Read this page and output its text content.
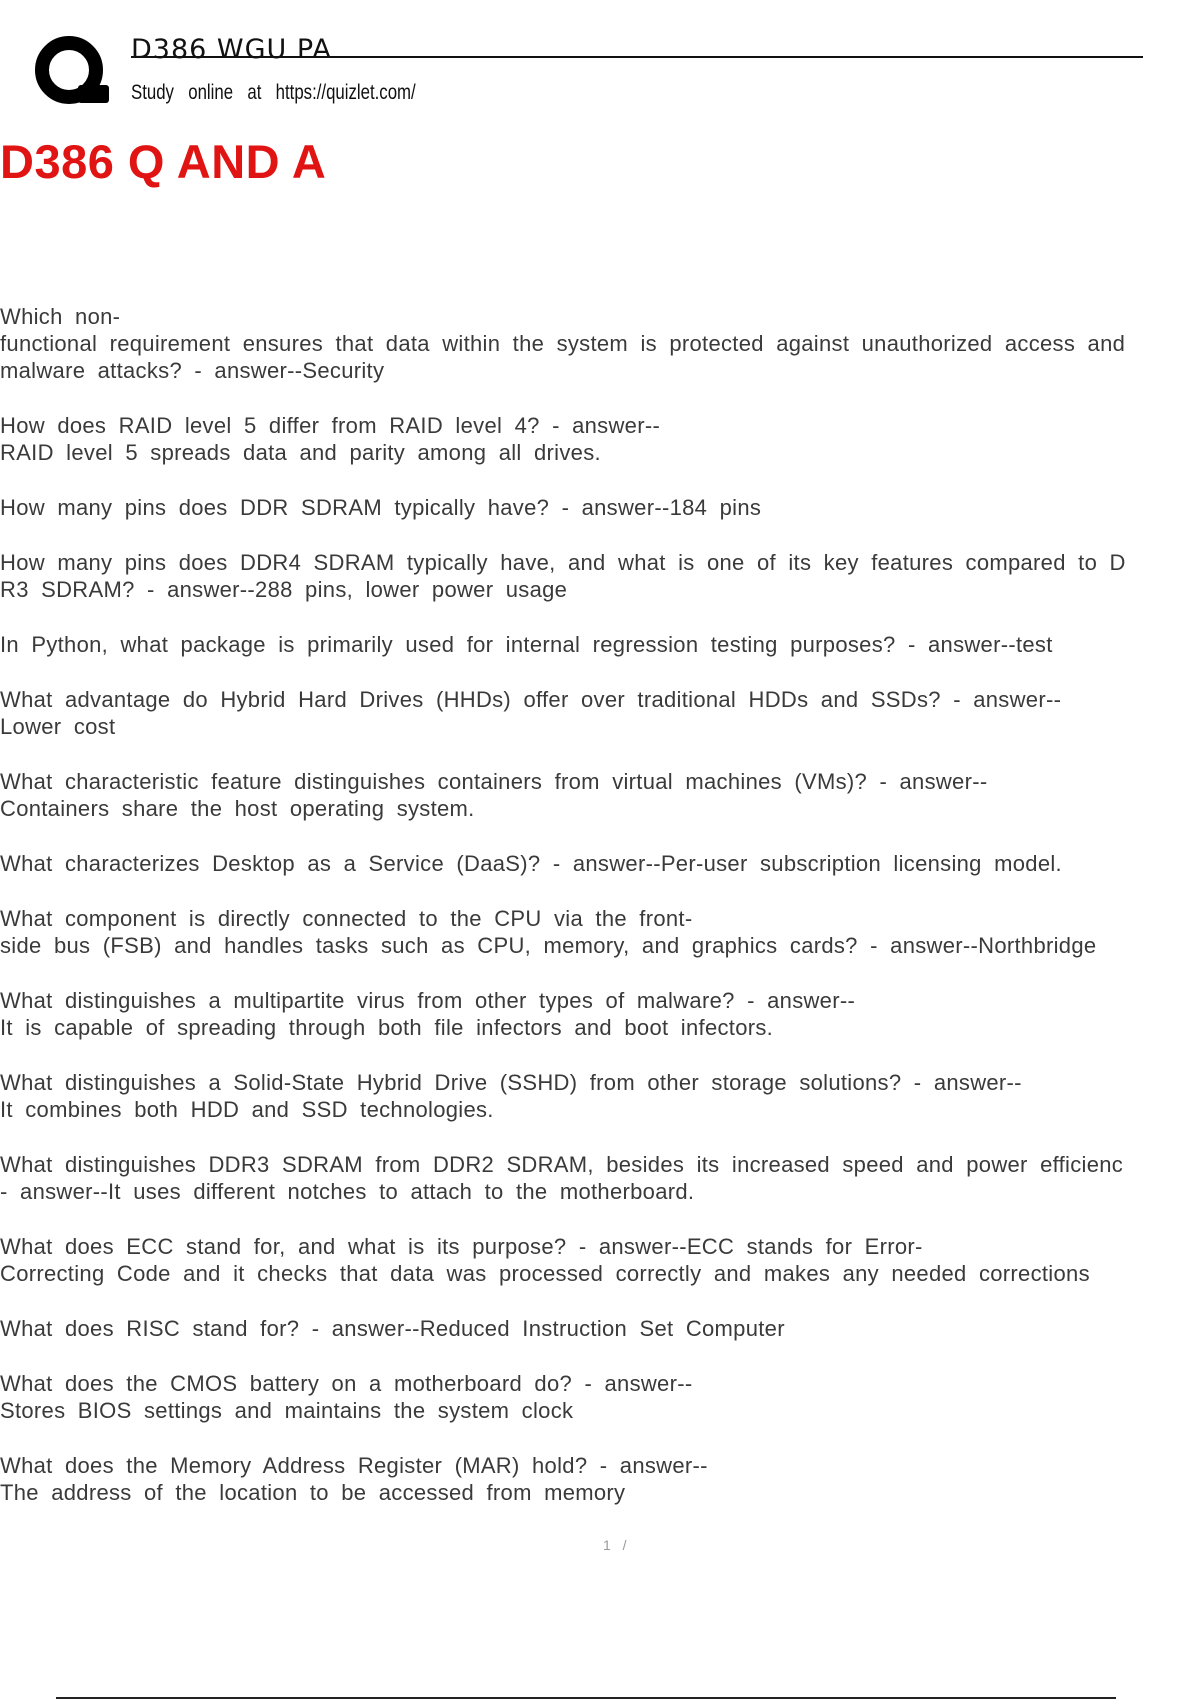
D386 WGU PA
Study online at https://quizlet.com/
D386 Q AND A
Which non-
functional requirement ensures that data within the system is protected against unauthorized access and
malware attacks? - answer--Security
How does RAID level 5 differ from RAID level 4? - answer--
RAID level 5 spreads data and parity among all drives.
How many pins does DDR SDRAM typically have? - answer--184 pins
How many pins does DDR4 SDRAM typically have, and what is one of its key features compared to D
R3 SDRAM? - answer--288 pins, lower power usage
In Python, what package is primarily used for internal regression testing purposes? - answer--test
What advantage do Hybrid Hard Drives (HHDs) offer over traditional HDDs and SSDs? - answer--
Lower cost
What characteristic feature distinguishes containers from virtual machines (VMs)? - answer--
Containers share the host operating system.
What characterizes Desktop as a Service (DaaS)? - answer--Per-user subscription licensing model.
What component is directly connected to the CPU via the front-
side bus (FSB) and handles tasks such as CPU, memory, and graphics cards? - answer--Northbridge
What distinguishes a multipartite virus from other types of malware? - answer--
It is capable of spreading through both file infectors and boot infectors.
What distinguishes a Solid-State Hybrid Drive (SSHD) from other storage solutions? - answer--
It combines both HDD and SSD technologies.
What distinguishes DDR3 SDRAM from DDR2 SDRAM, besides its increased speed and power efficienc
- answer--It uses different notches to attach to the motherboard.
What does ECC stand for, and what is its purpose? - answer--ECC stands for Error-
Correcting Code and it checks that data was processed correctly and makes any needed corrections
What does RISC stand for? - answer--Reduced Instruction Set Computer
What does the CMOS battery on a motherboard do? - answer--
Stores BIOS settings and maintains the system clock
What does the Memory Address Register (MAR) hold? - answer--
The address of the location to be accessed from memory
1 /
